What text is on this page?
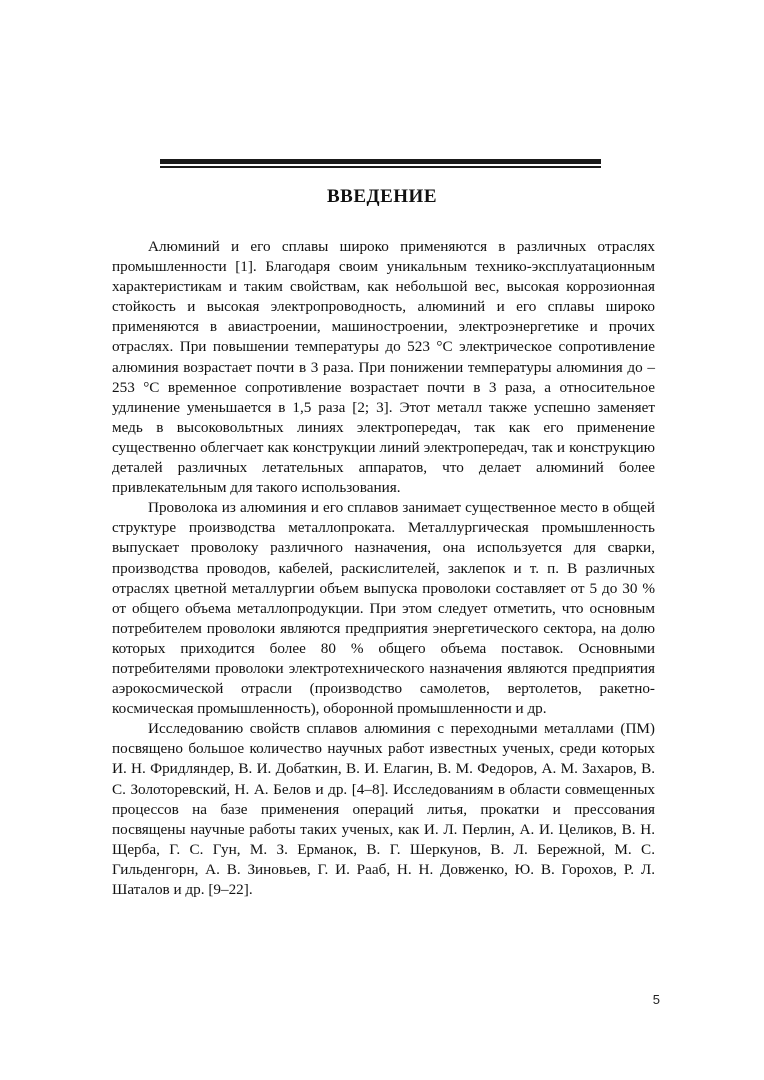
ВВЕДЕНИЕ

Алюминий и его сплавы широко применяются в различных отраслях промышленности [1]. Благодаря своим уникальным технико-эксплуатационным характеристикам и таким свойствам, как небольшой вес, высокая коррозионная стойкость и высокая электропроводность, алюминий и его сплавы широко применяются в авиастроении, машиностроении, электроэнергетике и прочих отраслях. При повышении температуры до 523 °С электрическое сопротивление алюминия возрастает почти в 3 раза. При понижении температуры алюминия до –253 °С временное сопротивление возрастает почти в 3 раза, а относительное удлинение уменьшается в 1,5 раза [2; 3]. Этот металл также успешно заменяет медь в высоковольтных линиях электропередач, так как его применение существенно облегчает как конструкции линий электропередач, так и конструкцию деталей различных летательных аппаратов, что делает алюминий более привлекательным для такого использования.

Проволока из алюминия и его сплавов занимает существенное место в общей структуре производства металлопроката. Металлургическая промышленность выпускает проволоку различного назначения, она используется для сварки, производства проводов, кабелей, раскислителей, заклепок и т. п. В различных отраслях цветной металлургии объем выпуска проволоки составляет от 5 до 30 % от общего объема металлопродукции. При этом следует отметить, что основным потребителем проволоки являются предприятия энергетического сектора, на долю которых приходится более 80 % общего объема поставок. Основными потребителями проволоки электротехнического назначения являются предприятия аэрокосмической отрасли (производство самолетов, вертолетов, ракетно-космическая промышленность), оборонной промышленности и др.

Исследованию свойств сплавов алюминия с переходными металлами (ПМ) посвящено большое количество научных работ известных ученых, среди которых И. Н. Фридляндер, В. И. Добаткин, В. И. Елагин, В. М. Федоров, А. М. Захаров, В. С. Золоторевский, Н. А. Белов и др. [4–8]. Исследованиям в области совмещенных процессов на базе применения операций литья, прокатки и прессования посвящены научные работы таких ученых, как И. Л. Перлин, А. И. Целиков, В. Н. Щерба, Г. С. Гун, М. З. Ерманок, В. Г. Шеркунов, В. Л. Бережной, М. С. Гильденгорн, А. В. Зиновьев, Г. И. Рааб, Н. Н. Довженко, Ю. В. Горохов, Р. Л. Шаталов и др. [9–22].

5
